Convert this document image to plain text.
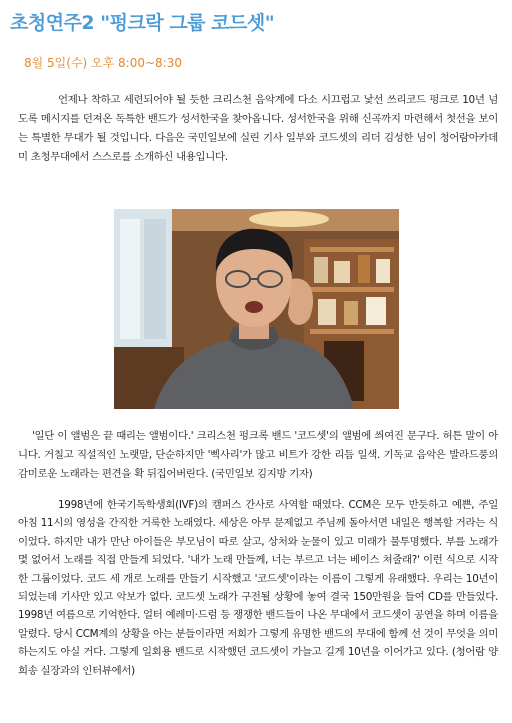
초청연주2 "펑크락 그룹 코드셋"
8월 5일(수) 오후 8:00~8:30

언제나 착하고 세련되어야 될 듯한 크리스천 음악계에 다소 시끄럽고 낯선 쓰리코드 펑크로 10년 넘도록 메시지를 던져온 독특한 밴드가 성서한국을 찾아옵니다. 성서한국을 위해 신곡까지 마련해서 첫선을 보이는 특별한 무대가 될 것입니다. 다음은 국민일보에 실린 기사 일부와 코드셋의 리더 김성한 님이 청어람아카데미 초청무대에서 스스로를 소개하신 내용입니다.

'일단 이 앨범은 끝 때리는 앨범이다.' 크리스천 펑크록 밴드 '코드셋'의 앨범에 씌여진 문구다. 허튼 말이 아니다. 거칠고 직설적인 노랫말, 단순하지만 '삑사리'가 많고 비트가 강한 리듬 일색. 기독교 음악은 발라드풍의 감미로운 노래라는 편견을 확 뒤집어버린다. (국민일보 김지방 기자)

1998년에 한국기독학생회(IVF)의 캠퍼스 간사로 사역할 때였다. CCM은 모두 반듯하고 예쁜, 주일 아침 11시의 영성을 간직한 거룩한 노래였다. 세상은 아무 문제없고 주님께 돌아서면 내일은 행복할 거라는 식이었다. 하지만 내가 만난 아이들은 부모님이 따로 살고, 상처와 눈물이 있고 미래가 불투명했다. 부를 노래가 몇 없어서 노래를 직접 만들게 되었다. '내가 노래 만들께, 너는 부르고 너는 베이스 쳐줄래?' 이런 식으로 시작한 그룹이었다. 코드 세 개로 노래를 만들기 시작했고 '코드셋'이라는 이름이 그렇게 유래했다. 우리는 10년이 되었는데 기사만 있고 악보가 없다. 코드셋 노래가 구전될 상황에 놓여 결국 150만원을 들여 CD를 만들었다. 1998년 여름으로 기억한다. 얼터 예레미·드럼 등 쟁쟁한 밴드들이 나온 무대에서 코드셋이 공연을 하며 이름을 알렸다. 당시 CCM계의 상황을 아는 분들이라면 저희가 그렇게 유명한 밴드의 무대에 함께 선 것이 무엇을 의미하는지도 아실 거다. 그렇게 일회용 밴드로 시작했던 코드셋이 가늘고 길게 10년을 이어가고 있다. (청어람 양희송 실장과의 인터뷰에서)
